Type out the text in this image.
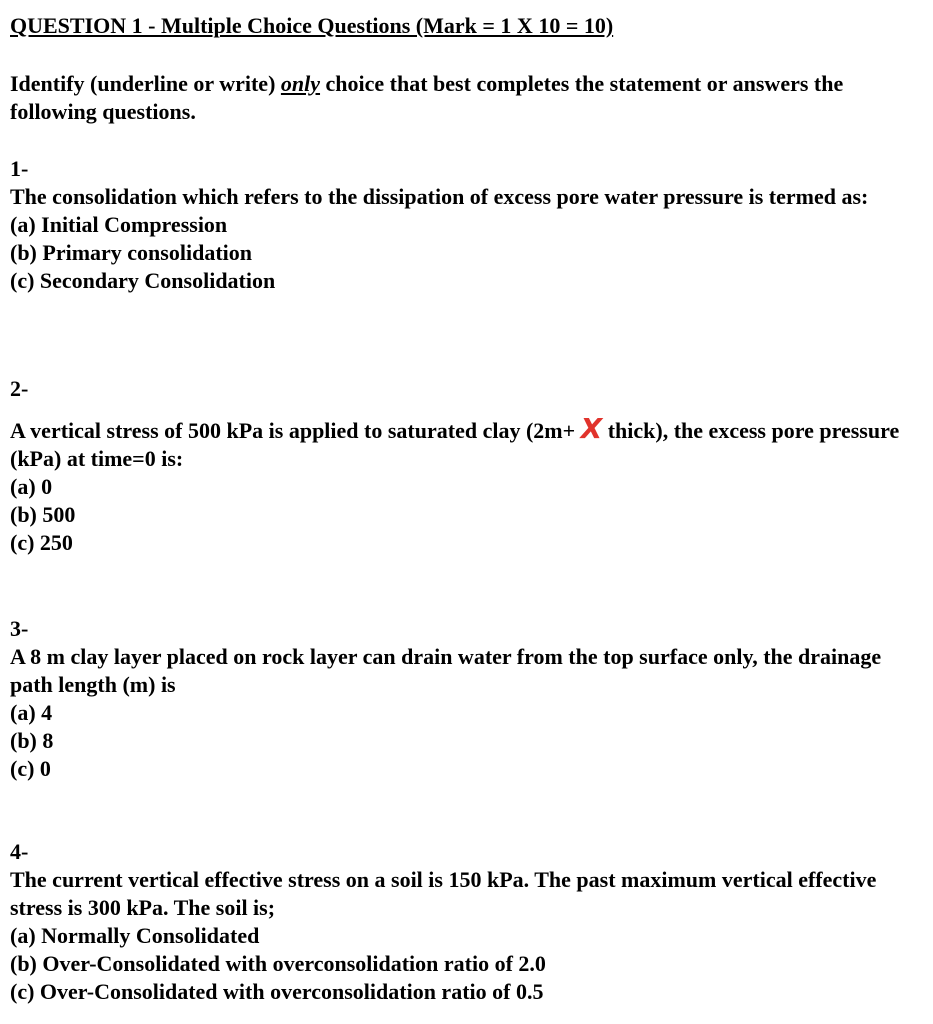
QUESTION 1 - Multiple Choice Questions (Mark = 1 X 10 = 10)
Identify (underline or write) only choice that best completes the statement or answers the following questions.
1-
The consolidation which refers to the dissipation of excess pore water pressure is termed as:
(a) Initial Compression
(b) Primary consolidation
(c) Secondary Consolidation
2-
A vertical stress of 500 kPa is applied to saturated clay (2m+ X thick), the excess pore pressure (kPa) at time=0 is:
(a) 0
(b) 500
(c) 250
3-
A 8 m clay layer placed on rock layer can drain water from the top surface only, the drainage path length (m) is
(a) 4
(b) 8
(c) 0
4-
The current vertical effective stress on a soil is 150 kPa. The past maximum vertical effective stress is 300 kPa. The soil is;
(a) Normally Consolidated
(b) Over-Consolidated with overconsolidation ratio of 2.0
(c) Over-Consolidated with overconsolidation ratio of 0.5
